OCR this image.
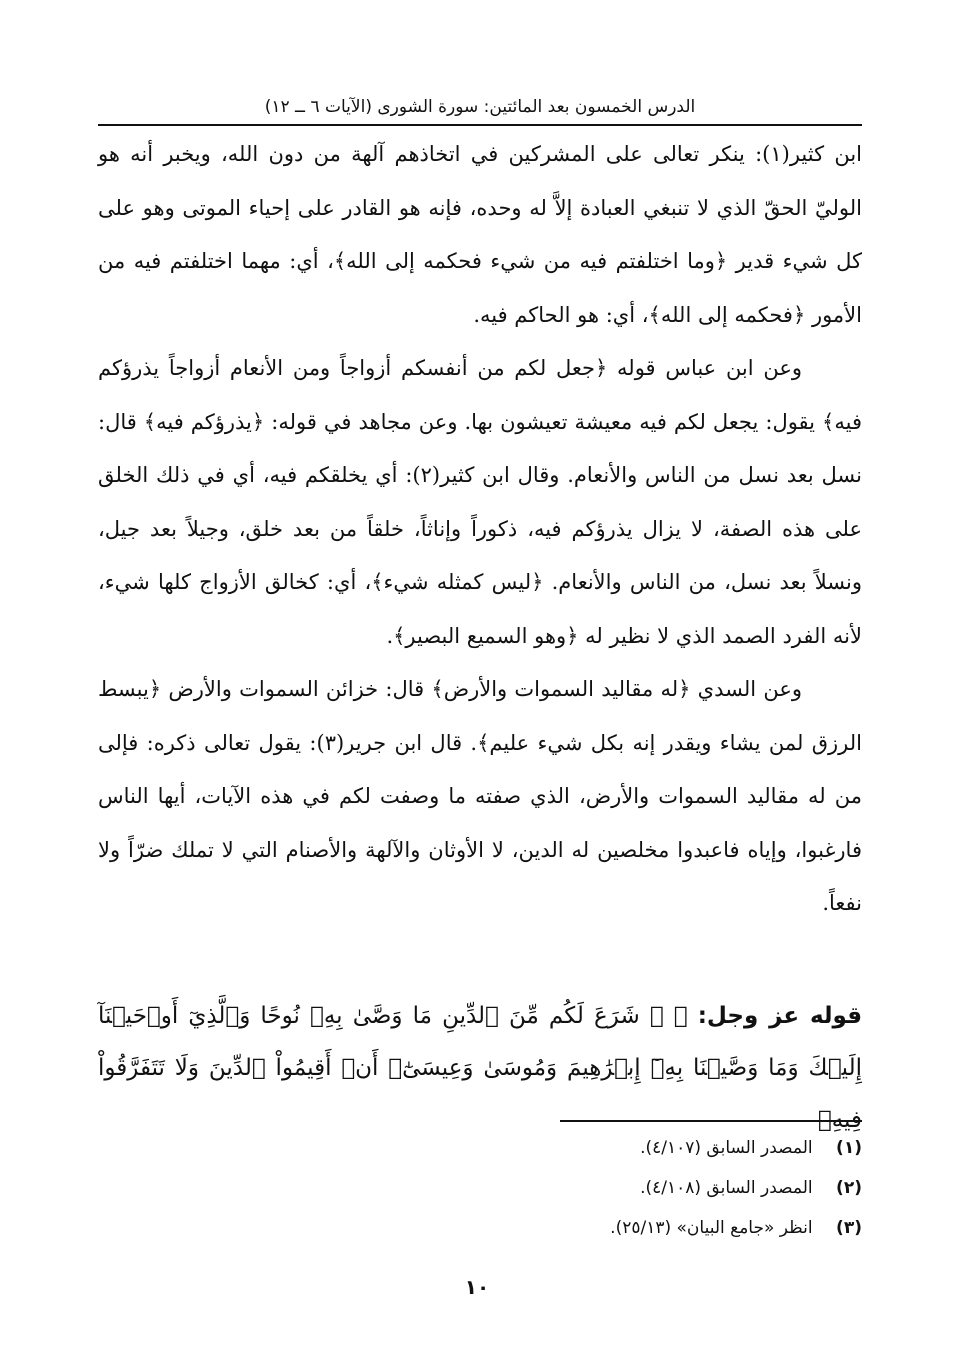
الدرس الخمسون بعد المائتين: سورة الشورى (الآيات ٦ ــ ١٢)

ابن كثير(١): ينكر تعالى على المشركين في اتخاذهم آلهة من دون الله، ويخبر أنه هو الوليّ الحقّ الذي لا تنبغي العبادة إلاَّ له وحده، فإنه هو القادر على إحياء الموتى وهو على كل شيء قدير ﴿وما اختلفتم فيه من شيء فحكمه إلى الله﴾، أي: مهما اختلفتم فيه من الأمور ﴿فحكمه إلى الله﴾، أي: هو الحاكم فيه.

وعن ابن عباس قوله ﴿جعل لكم من أنفسكم أزواجاً ومن الأنعام أزواجاً يذرؤكم فيه﴾ يقول: يجعل لكم فيه معيشة تعيشون بها. وعن مجاهد في قوله: ﴿يذرؤكم فيه﴾ قال: نسل بعد نسل من الناس والأنعام. وقال ابن كثير(٢): أي يخلقكم فيه، أي في ذلك الخلق على هذه الصفة، لا يزال يذرؤكم فيه، ذكوراً وإناثاً، خلقاً من بعد خلق، وجيلاً بعد جيل، ونسلاً بعد نسل، من الناس والأنعام. ﴿ليس كمثله شيء﴾، أي: كخالق الأزواج كلها شيء، لأنه الفرد الصمد الذي لا نظير له ﴿وهو السميع البصير﴾.

وعن السدي ﴿له مقاليد السموات والأرض﴾ قال: خزائن السموات والأرض ﴿يبسط الرزق لمن يشاء ويقدر إنه بكل شيء عليم﴾. قال ابن جرير(٣): يقول تعالى ذكره: فإلى من له مقاليد السموات والأرض، الذي صفته ما وصفت لكم في هذه الآيات، أيها الناس فارغبوا، وإياه فاعبدوا مخلصين له الدين، لا الأوثان والآلهة والأصنام التي لا تملك ضرّاً ولا نفعاً.

قوله عز وجل: ﴿ ۞ شَرَعَ لَكُم مِّنَ ٱلدِّينِ مَا وَصَّىٰ بِهِۦ نُوحًا وَٱلَّذِيٓ أَوۡحَيۡنَآ إِلَيۡكَ وَمَا وَصَّيۡنَا بِهِۦٓ إِبۡرَٰهِيمَ وَمُوسَىٰ وَعِيسَىٰٓۖ أَنۡ أَقِيمُواْ ٱلدِّينَ وَلَا تَتَفَرَّقُواْ فِيهِۚ
(١) المصدر السابق (٤/١٠٧).
(٢) المصدر السابق (٤/١٠٨).
(٣) انظر «جامع البيان» (٢٥/١٣).
١٠
